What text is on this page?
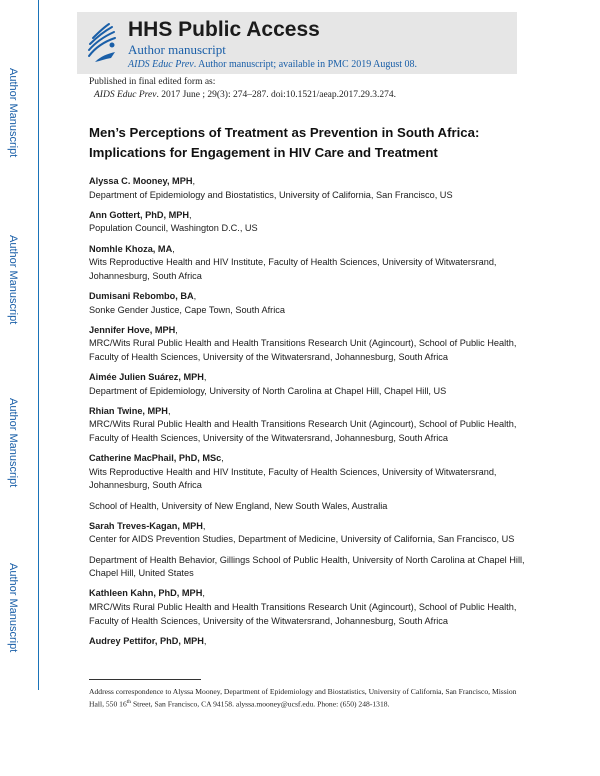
Author Manuscript
Author Manuscript
Author Manuscript
Author Manuscript
HHS Public Access
Author manuscript
AIDS Educ Prev. Author manuscript; available in PMC 2019 August 08.
Published in final edited form as:
AIDS Educ Prev. 2017 June ; 29(3): 274–287. doi:10.1521/aeap.2017.29.3.274.
Men’s Perceptions of Treatment as Prevention in South Africa: Implications for Engagement in HIV Care and Treatment
Alyssa C. Mooney, MPH,
Department of Epidemiology and Biostatistics, University of California, San Francisco, US
Ann Gottert, PhD, MPH,
Population Council, Washington D.C., US
Nomhle Khoza, MA,
Wits Reproductive Health and HIV Institute, Faculty of Health Sciences, University of Witwatersrand, Johannesburg, South Africa
Dumisani Rebombo, BA,
Sonke Gender Justice, Cape Town, South Africa
Jennifer Hove, MPH,
MRC/Wits Rural Public Health and Health Transitions Research Unit (Agincourt), School of Public Health, Faculty of Health Sciences, University of the Witwatersrand, Johannesburg, South Africa
Aimée Julien Suárez, MPH,
Department of Epidemiology, University of North Carolina at Chapel Hill, Chapel Hill, US
Rhian Twine, MPH,
MRC/Wits Rural Public Health and Health Transitions Research Unit (Agincourt), School of Public Health, Faculty of Health Sciences, University of the Witwatersrand, Johannesburg, South Africa
Catherine MacPhail, PhD, MSc,
Wits Reproductive Health and HIV Institute, Faculty of Health Sciences, University of Witwatersrand, Johannesburg, South Africa
School of Health, University of New England, New South Wales, Australia
Sarah Treves-Kagan, MPH,
Center for AIDS Prevention Studies, Department of Medicine, University of California, San Francisco, US
Department of Health Behavior, Gillings School of Public Health, University of North Carolina at Chapel Hill, Chapel Hill, United States
Kathleen Kahn, PhD, MPH,
MRC/Wits Rural Public Health and Health Transitions Research Unit (Agincourt), School of Public Health, Faculty of Health Sciences, University of the Witwatersrand, Johannesburg, South Africa
Audrey Pettifor, PhD, MPH,
Address correspondence to Alyssa Mooney, Department of Epidemiology and Biostatistics, University of California, San Francisco, Mission Hall, 550 16th Street, San Francisco, CA 94158. alyssa.mooney@ucsf.edu. Phone: (650) 248-1318.
